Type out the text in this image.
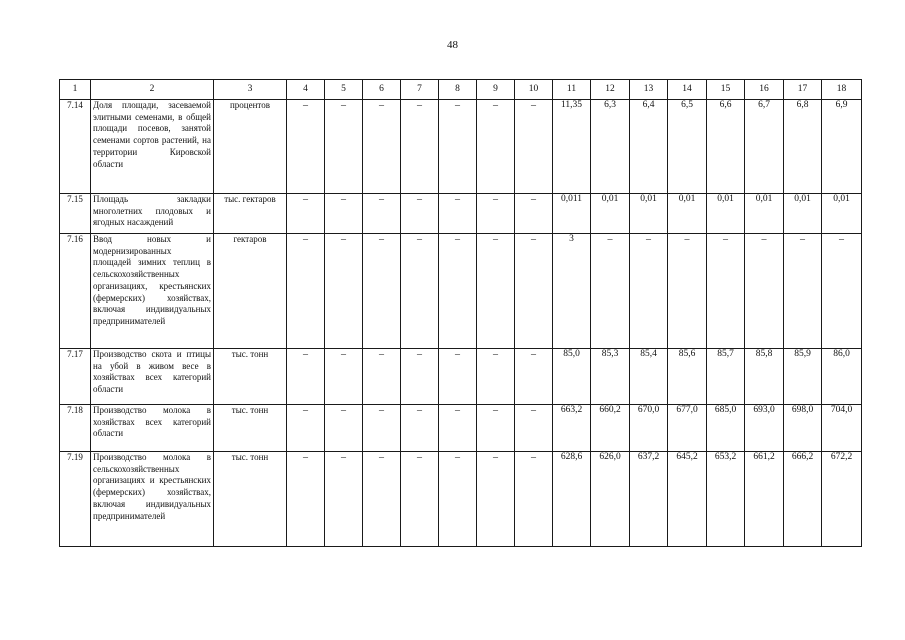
48
1	2	3	4	5	6	7	8	9	10	11	12	13	14	15	16	17	18
7.14	Доля площади, засеваемой элитными семенами, в общей площади посевов, занятой семенами сортов растений, на территории Кировской области	процентов	–	–	–	–	–	–	–	11,35	6,3	6,4	6,5	6,6	6,7	6,8	6,9
7.15	Площадь закладки многолетних плодовых и ягодных насаждений	тыс. гектаров	–	–	–	–	–	–	–	0,011	0,01	0,01	0,01	0,01	0,01	0,01	0,01
7.16	Ввод новых и модернизированных площадей зимних теплиц в сельскохозяйственных организациях, крестьянских (фермерских) хозяйствах, включая индивидуальных предпринимателей	гектаров	–	–	–	–	–	–	–	3	–	–	–	–	–	–	–
7.17	Производство скота и птицы на убой в живом весе в хозяйствах всех категорий области	тыс. тонн	–	–	–	–	–	–	–	85,0	85,3	85,4	85,6	85,7	85,8	85,9	86,0
7.18	Производство молока в хозяйствах всех категорий области	тыс. тонн	–	–	–	–	–	–	–	663,2	660,2	670,0	677,0	685,0	693,0	698,0	704,0
7.19	Производство молока в сельскохозяйственных организациях и крестьянских (фермерских) хозяйствах, включая индивидуальных предпринимателей	тыс. тонн	–	–	–	–	–	–	–	628,6	626,0	637,2	645,2	653,2	661,2	666,2	672,2
